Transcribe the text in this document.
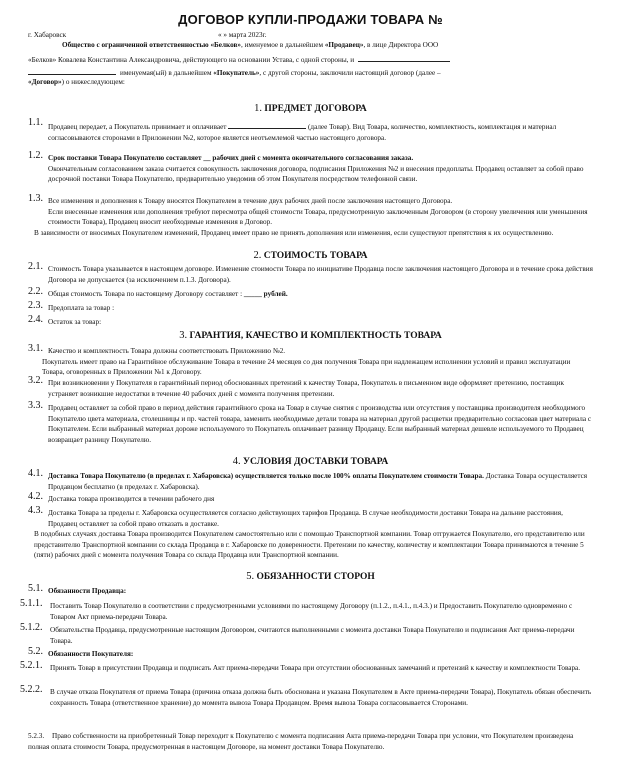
ДОГОВОР КУПЛИ-ПРОДАЖИ ТОВАРА №
г. Хабаровск	« » марта 2023г.
Общество с ограниченной ответственностью «Белков», именуемое в дальнейшем «Продавец», в лице Директора ООО
«Белков» Ковалева Константина Александровича, действующего на основании Устава, с одной стороны, и
именуемая(ый) в дальнейшем «Покупатель», с другой стороны, заключили настоящий договор (далее –
«Договор») о нижеследующем:
1. ПРЕДМЕТ ДОГОВОРА
1.1. Продавец передает, а Покупатель принимает и оплачивает	(далее Товар). Вид Товара, количество, комплектность, комплектация и материал согласовываются сторонами в Приложении №2, которое является неотъемлемой частью настоящего договора.
1.2. Срок поставки Товара Покупателю составляет __ рабочих дней с момента окончательного согласования заказа.
Окончательным согласованием заказа считается совокупность заключения договора, подписания Приложения №2 и внесения предоплаты. Продавец оставляет за собой право досрочной поставки Товара Покупателю, предварительно уведомив об этом Покупателя посредством телефонной связи.
1.3. Все изменения и дополнения к Товару вносятся Покупателем в течение двух рабочих дней после заключения настоящего Договора.
Если внесенные изменения или дополнения требуют пересмотра общей стоимости Товара, предусмотренную заключенным Договором (в сторону увеличения или уменьшения стоимости Товара), Продавец вносит необходимые изменения в Договор.
В зависимости от вносимых Покупателем изменений, Продавец имеет право не принять дополнения или изменения, если существуют препятствия к их осуществлению.
2. СТОИМОСТЬ ТОВАРА
2.1. Стоимость Товара указывается в настоящем договоре. Изменение стоимости Товара по инициативе Продавца после заключения настоящего Договора и в течение срока действия Договора не допускается (за исключением п.1.3. Договора).
2.2. Общая стоимость Товара по настоящему Договору составляет : _____ рублей.
2.3. Предоплата за товар :
2.4. Остаток за товар:
3. ГАРАНТИЯ, КАЧЕСТВО И КОМПЛЕКТНОСТЬ ТОВАРА
3.1. Качество и комплектность Товара должны соответствовать Приложению №2.
Покупатель имеет право на Гарантийное обслуживание Товара в течение 24 месяцев со дня получения Товара при надлежащем исполнении условий и правил эксплуатации Товара, оговоренных в Приложении №1 к Договору.
3.2. При возникновении у Покупателя в гарантийный период обоснованных претензий к качеству Товара, Покупатель в письменном виде оформляет претензию, поставщик устраняет возникшие недостатки в течение 40 рабочих дней с момента получения претензии.
3.3. Продавец оставляет за собой право в период действия гарантийного срока на Товар в случае снятия с производства или отсутствия у поставщика производителя необходимого Покупателю цвета материала, столешницы и пр. частей товара, заменить необходимые детали товара на материал другой расцветки предварительно согласовав цвет материала с Покупателем. Если выбранный материал дороже используемого то Покупатель оплачивает разницу Продавцу. Если выбранный материал дешевле используемого то Продавец возвращает разницу Покупателю.
4. УСЛОВИЯ ДОСТАВКИ ТОВАРА
4.1. Доставка Товара Покупателю (в пределах г. Хабаровска) осуществляется только после 100% оплаты Покупателем стоимости Товара. Доставка Товара осуществляется Продавцом бесплатно (в пределах г. Хабаровска).
4.2. Доставка товара производится в течении рабочего дня
4.3. Доставка Товара за пределы г. Хабаровска осуществляется согласно действующих тарифов Продавца. В случае необходимости доставки Товара на дальние расстояния, Продавец оставляет за собой право отказать в доставке.
В подобных случаях доставка Товара производится Покупателем самостоятельно или с помощью Транспортной компании. Товар отгружается Покупателю, его представителю или представителю Транспортной компании со склада Продавца в г. Хабаровске по доверенности. Претензии по качеству, количеству и комплектации Товара принимаются в течение 5 (пяти) рабочих дней с момента получения Товара со склада Продавца или Транспортной компании.
5. ОБЯЗАННОСТИ СТОРОН
5.1. Обязанности Продавца:
5.1.1. Поставить Товар Покупателю в соответствии с предусмотренными условиями по настоящему Договору (п.1.2., п.4.1., п.4.3.) и Предоставить Покупателю одновременно с Товаром Акт приема-передачи Товара.
5.1.2. Обязательства Продавца, предусмотренные настоящим Договором, считаются выполненными с момента доставки Товара Покупателю и подписания Акт приема-передачи Товара.
5.2. Обязанности Покупателя:
5.2.1. Принять Товар в присутствии Продавца и подписать Акт приема-передачи Товара при отсутствии обоснованных замечаний и претензий к качеству и комплектности Товара.
5.2.2. В случае отказа Покупателя от приема Товара (причина отказа должна быть обоснована и указана Покупателем в Акте приема-передачи Товара), Покупатель обязан обеспечить сохранность Товара (ответственное хранение) до момента вывоза Товара Продавцом. Время вывоза Товара согласовывается Сторонами.
5.2.3.	Право собственности на приобретенный Товар переходит к Покупателю с момента подписания Акта приема-передачи Товара при условии, что Покупателем произведена полная оплата стоимости Товара, предусмотренная в настоящем Договоре, на момент доставки Товара Покупателю.
